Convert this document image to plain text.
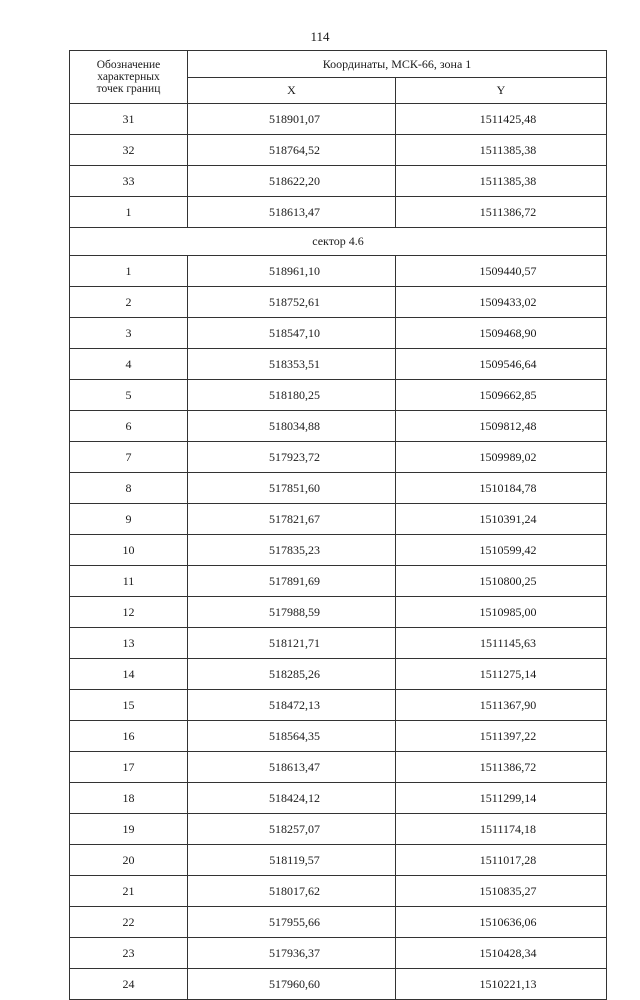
114
Обозначение
характерных
точек границ	Координаты, МСК-66, зона 1	
	X	Y
31	518901,07	1511425,48
32	518764,52	1511385,38
33	518622,20	1511385,38
1	518613,47	1511386,72
сектор 4.6		
1	518961,10	1509440,57
2	518752,61	1509433,02
3	518547,10	1509468,90
4	518353,51	1509546,64
5	518180,25	1509662,85
6	518034,88	1509812,48
7	517923,72	1509989,02
8	517851,60	1510184,78
9	517821,67	1510391,24
10	517835,23	1510599,42
11	517891,69	1510800,25
12	517988,59	1510985,00
13	518121,71	1511145,63
14	518285,26	1511275,14
15	518472,13	1511367,90
16	518564,35	1511397,22
17	518613,47	1511386,72
18	518424,12	1511299,14
19	518257,07	1511174,18
20	518119,57	1511017,28
21	518017,62	1510835,27
22	517955,66	1510636,06
23	517936,37	1510428,34
24	517960,60	1510221,13
